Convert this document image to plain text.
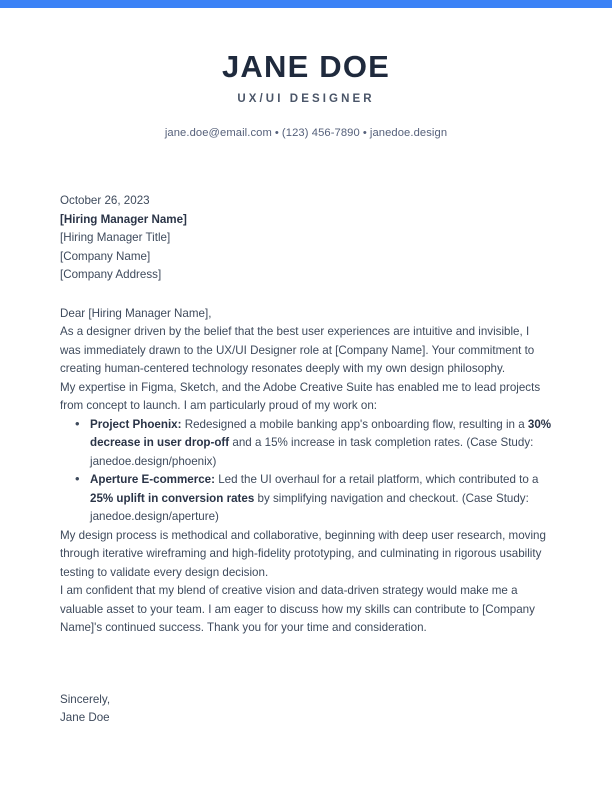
JANE DOE
UX/UI DESIGNER
jane.doe@email.com • (123) 456-7890 • janedoe.design
October 26, 2023
[Hiring Manager Name]
[Hiring Manager Title]
[Company Name]
[Company Address]

Dear [Hiring Manager Name],

As a designer driven by the belief that the best user experiences are intuitive and invisible, I was immediately drawn to the UX/UI Designer role at [Company Name]. Your commitment to creating human-centered technology resonates deeply with my own design philosophy.

My expertise in Figma, Sketch, and the Adobe Creative Suite has enabled me to lead projects from concept to launch. I am particularly proud of my work on:

• Project Phoenix: Redesigned a mobile banking app's onboarding flow, resulting in a 30% decrease in user drop-off and a 15% increase in task completion rates. (Case Study: janedoe.design/phoenix)
• Aperture E-commerce: Led the UI overhaul for a retail platform, which contributed to a 25% uplift in conversion rates by simplifying navigation and checkout. (Case Study: janedoe.design/aperture)

My design process is methodical and collaborative, beginning with deep user research, moving through iterative wireframing and high-fidelity prototyping, and culminating in rigorous usability testing to validate every design decision.

I am confident that my blend of creative vision and data-driven strategy would make me a valuable asset to your team. I am eager to discuss how my skills can contribute to [Company Name]'s continued success. Thank you for your time and consideration.

Sincerely,
Jane Doe
